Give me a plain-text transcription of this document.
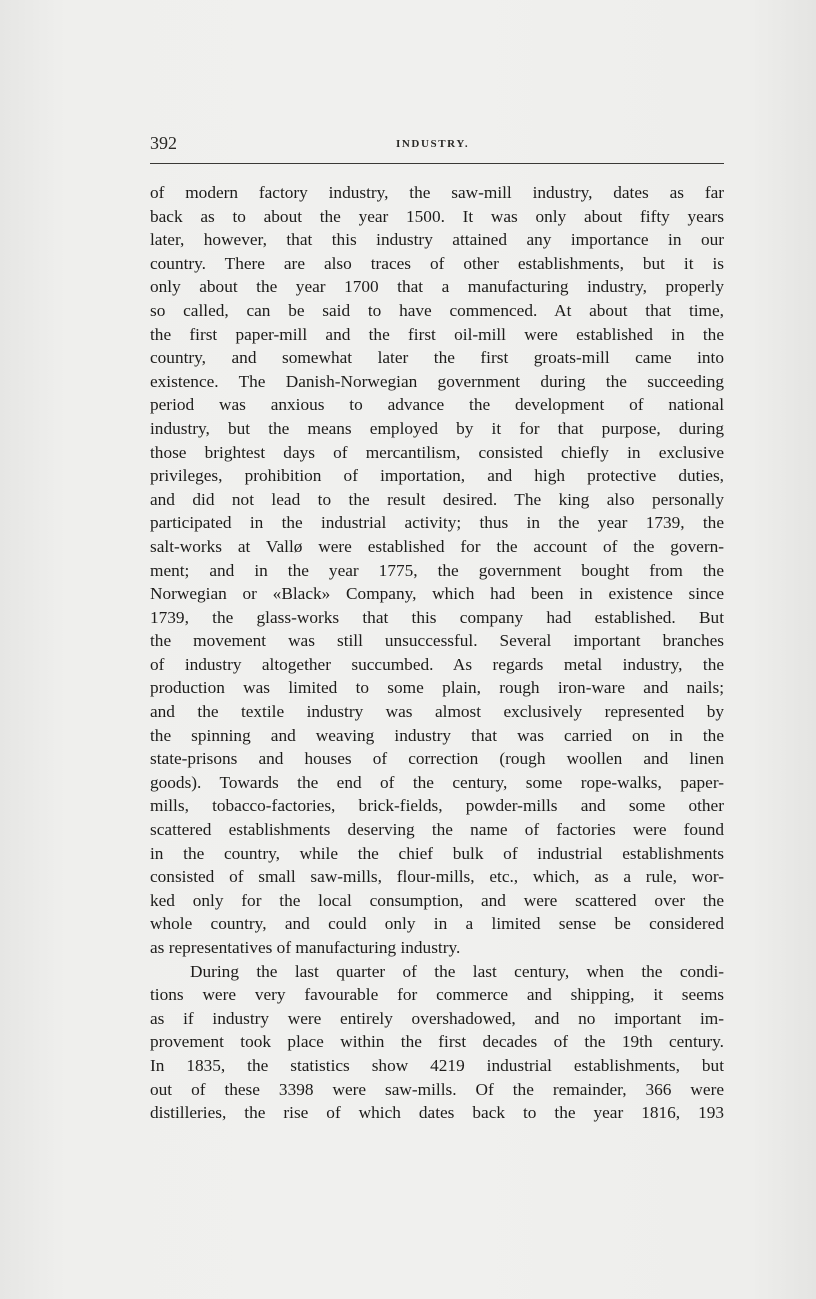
392	INDUSTRY.
of modern factory industry, the saw-mill industry, dates as far
back as to about the year 1500. It was only about fifty years
later, however, that this industry attained any importance in our
country. There are also traces of other establishments, but it is
only about the year 1700 that a manufacturing industry, properly
so called, can be said to have commenced. At about that time,
the first paper-mill and the first oil-mill were established in the
country, and somewhat later the first groats-mill came into
existence. The Danish-Norwegian government during the succeeding
period was anxious to advance the development of national
industry, but the means employed by it for that purpose, during
those brightest days of mercantilism, consisted chiefly in exclusive
privileges, prohibition of importation, and high protective duties,
and did not lead to the result desired. The king also personally
participated in the industrial activity; thus in the year 1739, the
salt-works at Vallø were established for the account of the govern-
ment; and in the year 1775, the government bought from the
Norwegian or «Black» Company, which had been in existence since
1739, the glass-works that this company had established. But
the movement was still unsuccessful. Several important branches
of industry altogether succumbed. As regards metal industry, the
production was limited to some plain, rough iron-ware and nails;
and the textile industry was almost exclusively represented by
the spinning and weaving industry that was carried on in the
state-prisons and houses of correction (rough woollen and linen
goods). Towards the end of the century, some rope-walks, paper-
mills, tobacco-factories, brick-fields, powder-mills and some other
scattered establishments deserving the name of factories were found
in the country, while the chief bulk of industrial establishments
consisted of small saw-mills, flour-mills, etc., which, as a rule, wor-
ked only for the local consumption, and were scattered over the
whole country, and could only in a limited sense be considered
as representatives of manufacturing industry.
During the last quarter of the last century, when the condi-
tions were very favourable for commerce and shipping, it seems
as if industry were entirely overshadowed, and no important im-
provement took place within the first decades of the 19th century.
In 1835, the statistics show 4219 industrial establishments, but
out of these 3398 were saw-mills. Of the remainder, 366 were
distilleries, the rise of which dates back to the year 1816, 193
